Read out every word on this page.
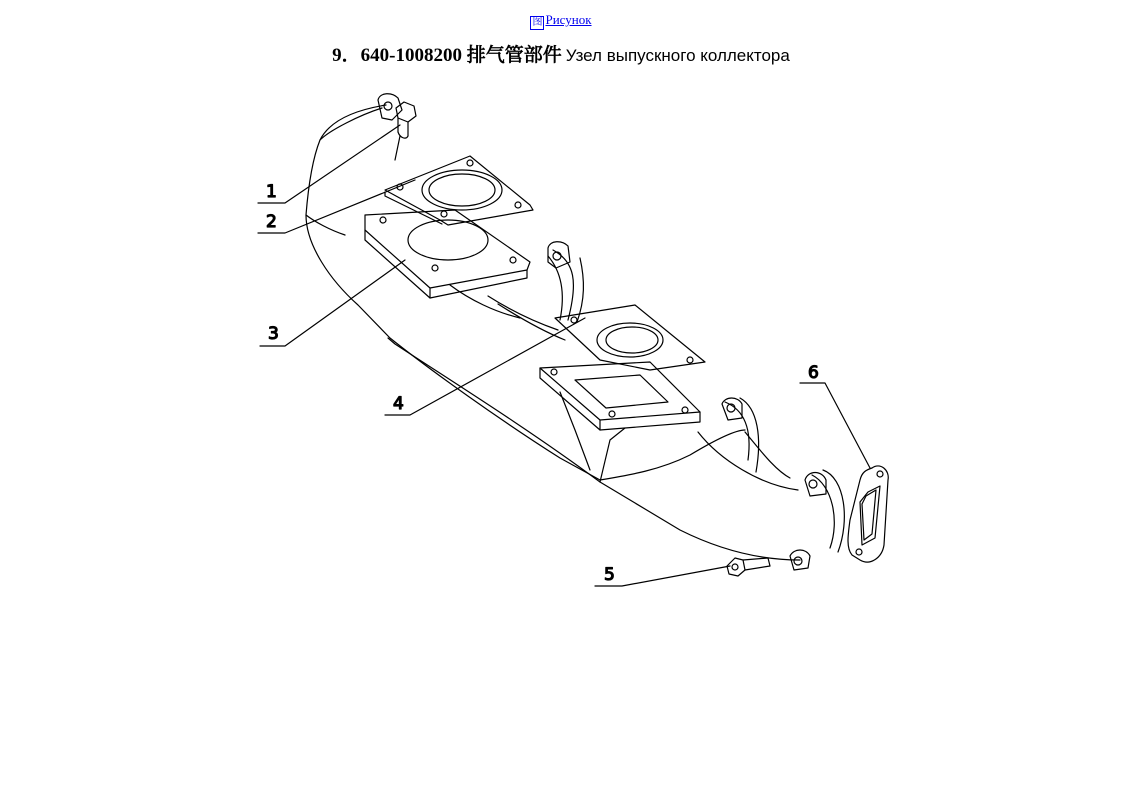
图 Рисунок
9．640-1008200 排气管部件 Узел выпускного коллектора
1
2
3
4
5
6
